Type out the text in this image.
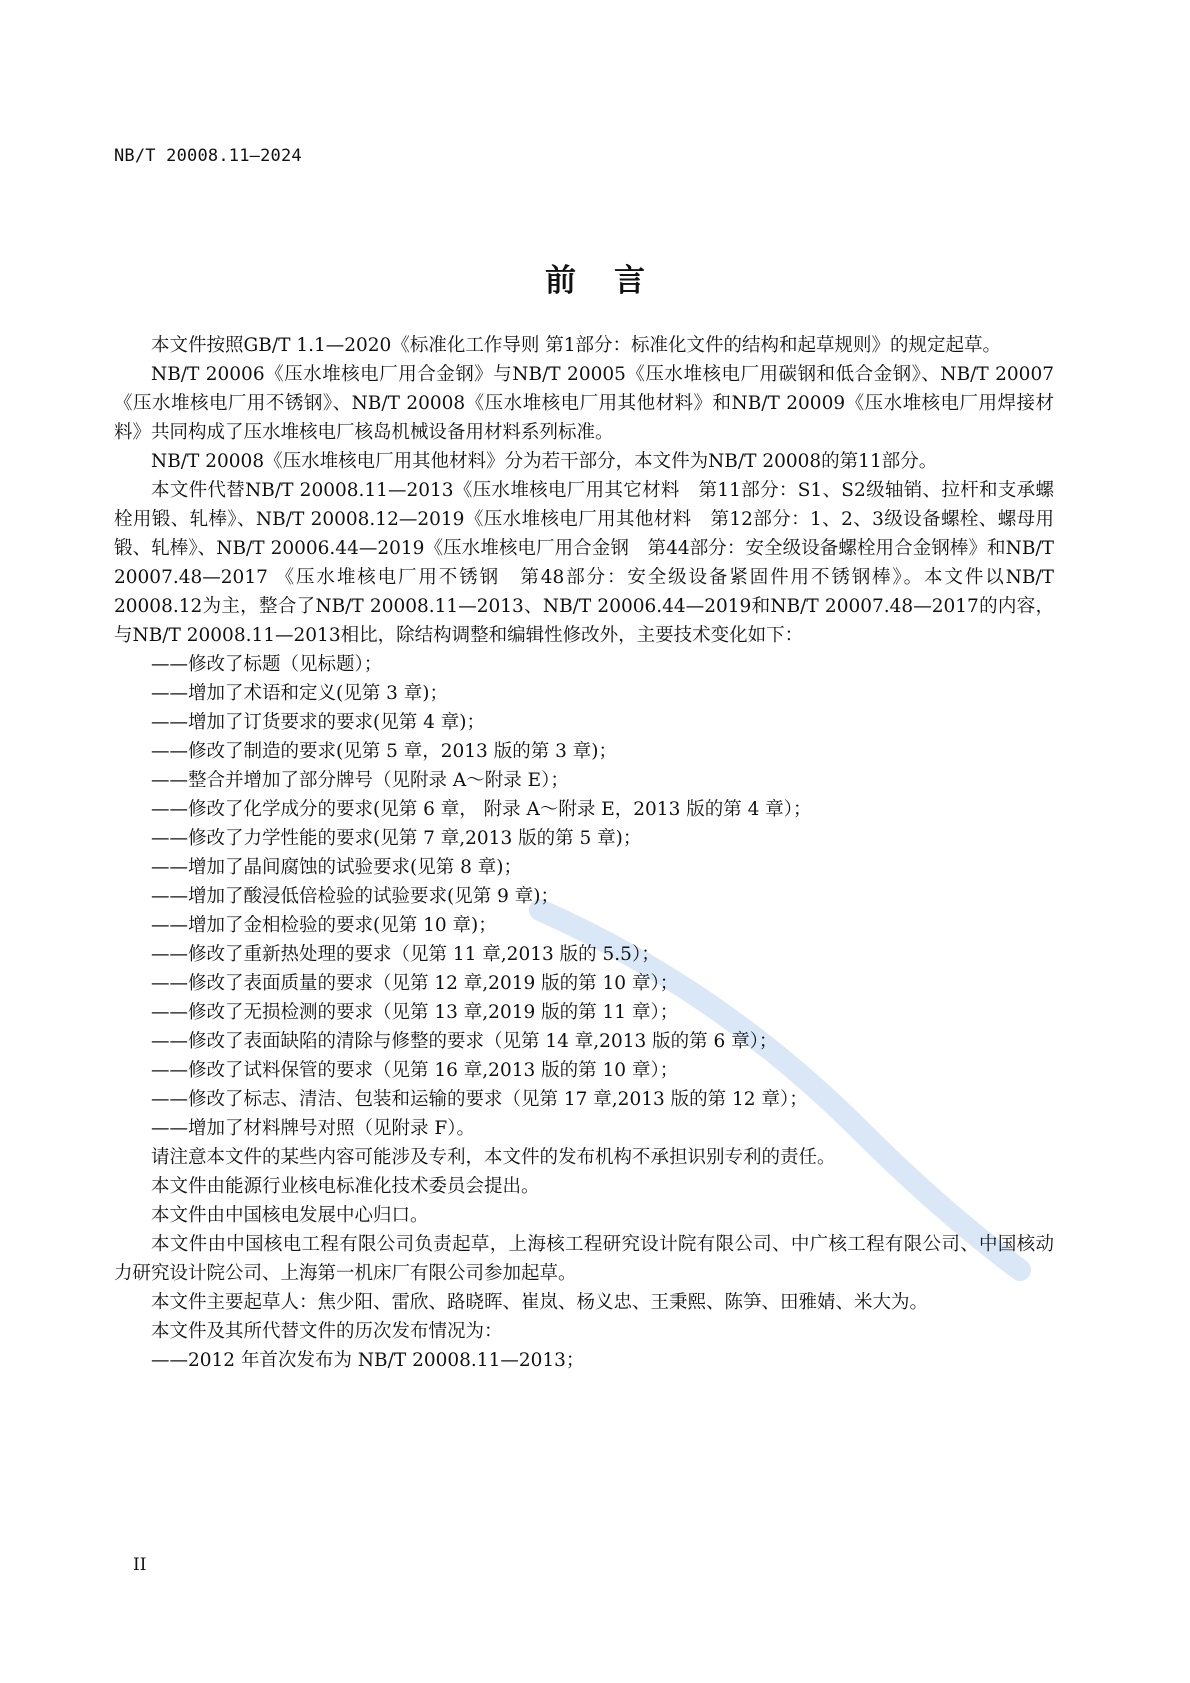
NB/T 20008.11—2024
前言

本文件按照GB/T 1.1—2020《标准化工作导则 第1部分：标准化文件的结构和起草规则》的规定起草。

NB/T 20006《压水堆核电厂用合金钢》与NB/T 20005《压水堆核电厂用碳钢和低合金钢》、NB/T 20007《压水堆核电厂用不锈钢》、NB/T 20008《压水堆核电厂用其他材料》和NB/T 20009《压水堆核电厂用焊接材料》共同构成了压水堆核电厂核岛机械设备用材料系列标准。

NB/T 20008《压水堆核电厂用其他材料》分为若干部分，本文件为NB/T 20008的第11部分。

本文件代替NB/T 20008.11—2013《压水堆核电厂用其它材料　第11部分：S1、S2级轴销、拉杆和支承螺栓用锻、轧棒》、NB/T 20008.12—2019《压水堆核电厂用其他材料　第12部分：1、2、3级设备螺栓、螺母用锻、轧棒》、NB/T 20006.44—2019《压水堆核电厂用合金钢　第44部分：安全级设备螺栓用合金钢棒》和NB/T 20007.48—2017 《压水堆核电厂用不锈钢　第48部分：安全级设备紧固件用不锈钢棒》。本文件以NB/T 20008.12为主，整合了NB/T 20008.11—2013、NB/T 20006.44—2019和NB/T 20007.48—2017的内容，与NB/T 20008.11—2013相比，除结构调整和编辑性修改外，主要技术变化如下：

——修改了标题（见标题）；

——增加了术语和定义(见第 3 章)；

——增加了订货要求的要求(见第 4 章)；

——修改了制造的要求(见第 5 章，2013 版的第 3 章)；

——整合并增加了部分牌号（见附录 A～附录 E）；

——修改了化学成分的要求(见第 6 章， 附录 A～附录 E，2013 版的第 4 章）；

——修改了力学性能的要求(见第 7 章,2013 版的第 5 章)；

——增加了晶间腐蚀的试验要求(见第 8 章)；

——增加了酸浸低倍检验的试验要求(见第 9 章)；

——增加了金相检验的要求(见第 10 章)；

——修改了重新热处理的要求（见第 11 章,2013 版的 5.5）；

——修改了表面质量的要求（见第 12 章,2019 版的第 10 章）；

——修改了无损检测的要求（见第 13 章,2019 版的第 11 章）；

——修改了表面缺陷的清除与修整的要求（见第 14 章,2013 版的第 6 章）；

——修改了试料保管的要求（见第 16 章,2013 版的第 10 章）；

——修改了标志、清洁、包装和运输的要求（见第 17 章,2013 版的第 12 章）；

——增加了材料牌号对照（见附录 F）。

请注意本文件的某些内容可能涉及专利，本文件的发布机构不承担识别专利的责任。

本文件由能源行业核电标准化技术委员会提出。

本文件由中国核电发展中心归口。

本文件由中国核电工程有限公司负责起草，上海核工程研究设计院有限公司、中广核工程有限公司、中国核动力研究设计院公司、上海第一机床厂有限公司参加起草。

本文件主要起草人：焦少阳、雷欣、路晓晖、崔岚、杨义忠、王秉熙、陈笋、田雅婧、米大为。

本文件及其所代替文件的历次发布情况为：

——2012 年首次发布为 NB/T 20008.11—2013；

II
